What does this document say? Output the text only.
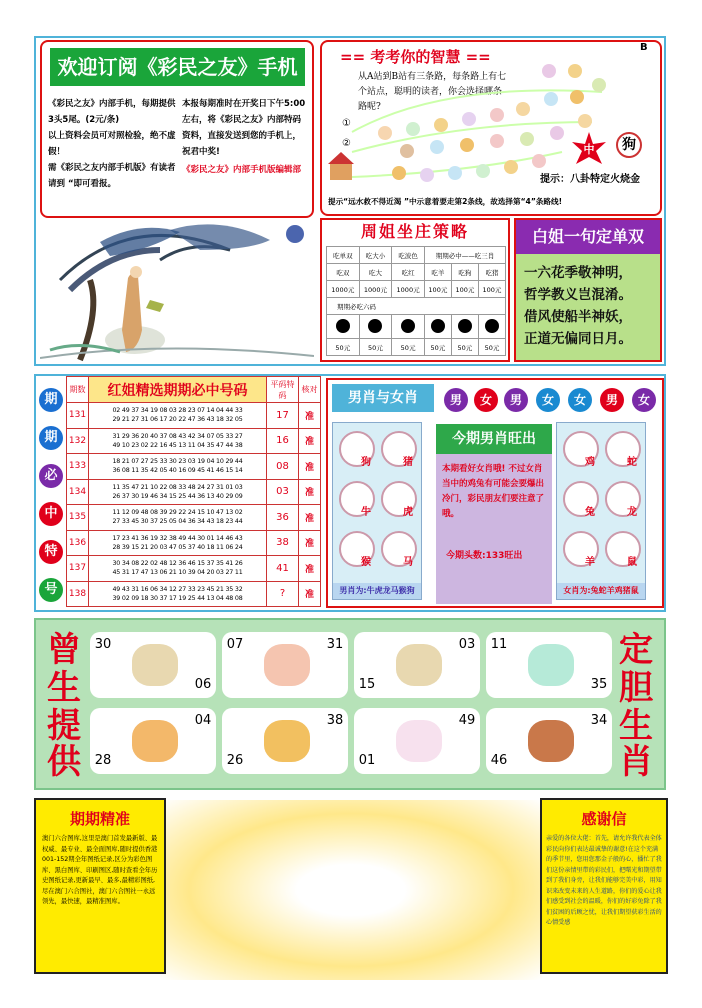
欢迎订阅《彩民之友》手机报
《彩民之友》内部手机，每期提供3头5尾。(2元/条)
以上资料会员可对照检验，绝不虚假！
需《彩民之友内部手机版》有读者请到 “即可看报。
本报每期准时在开奖日下午5:00左右，将《彩民之友》内部特码资料，直接发送到您的手机上，祝君中奖!
《彩民之友》内部手机版编辑部
== 考考你的智慧 ==
B
从A站到B站有三条路，每条路上有七个站点，聪明的读者，你会选择哪条路呢?
①
②	中	狗
提示：八卦特定火烧金
提示“远水救不得近渴 ”中示意着要走第2条线，故选择第“4”条路线!
周姐坐庄策略
吃单双	吃大小	吃波色	期期必中——吃三肖		
吃双	吃大	吃红	吃羊	吃狗	吃猪
1000元	1000元	1000元	100元	100元	100元
期期必吃六码					

50元	50元	50元	50元	50元	50元
白姐一句定单双
一六花季敬神明，
哲学教义岂混淆。
借风使船半神妖，
正道无偏同日月。
期
期
必
中
特
号
期数	红姐精选期期必中号码	平码特码	核对
131	02 49 37 34 19 08 03 28 23 07 14 04 44 33
29 21 27 31 06 17 20 22 47 36 43 18 32 05	17	准
132	31 29 36 20 40 37 08 43 42 34 07 05 33 27
49 10 23 02 22 16 45 13 11 04 35 47 44 38	16	准
133	18 21 07 27 25 33 30 23 03 19 04 10 29 44
36 08 11 35 42 05 40 16 09 45 41 46 15 14	08	准
134	11 35 47 21 10 22 08 33 48 24 27 31 01 03
26 37 30 19 46 34 15 25 44 36 13 40 29 09	03	准
135	11 12 09 48 08 39 29 22 24 15 10 47 13 02
27 33 45 30 37 25 05 04 36 34 43 18 23 44	36	准
136	17 23 41 36 19 32 38 49 44 30 01 14 46 43
28 39 15 21 20 03 47 05 37 40 18 11 06 24	38	准
137	30 34 08 22 02 48 12 36 46 15 37 35 41 26
45 31 17 47 13 06 21 10 39 04 20 03 27 11	41	准
138	49 43 31 16 06 34 12 27 33 23 45 21 35 32
39 02 09 18 30 37 17 19 25 44 13 04 48 08	?	准
男肖与女肖	男	女	男	女	女	男	女
狗	猪
牛	虎
猴	马
男肖为:牛虎龙马猴狗
鸡	蛇
兔	龙
羊	鼠
女肖为:兔蛇羊鸡猪鼠
今期男肖旺出
本期看好女肖哦! 不过女肖当中的鸡兔有可能会要爆出冷门，彩民朋友们要注意了哦。
今期头数:133旺出
曾
生
提
供
定
胆
生
肖
30
06
07	31	03
15
11
35
04
28
38
26
49
01
34
46
期期精准
澳门六合图库,这里是澳门首发最新版、最权威、最专业、最全面图库,随时提供香港001-152期全年图纸记录,区分为彩色图库、黑白图库、印刷图区,随时查看全年历史图纸记录,更新最早、最多,最精彩图纸,尽在澳门六合图社，澳门六合图社一永远领先，最快速，最精准图库。
感谢信
亲爱的各位大佬：首先，请允许我代表全体彩民向你们表达最诚挚的谢意!在这个充满的季节里，您用您那金子般的心，播忙了我们这份亲情里带的彩民们，把曙光和期望带到了我们身旁，让我们能够完美中彩，用知识来改变未来的人生道路，你们的爱心让我们感受到社会的温暖，你们的好彩免除了我们贫困的后顾之忧，让我们期望获彩生活的心情受感
